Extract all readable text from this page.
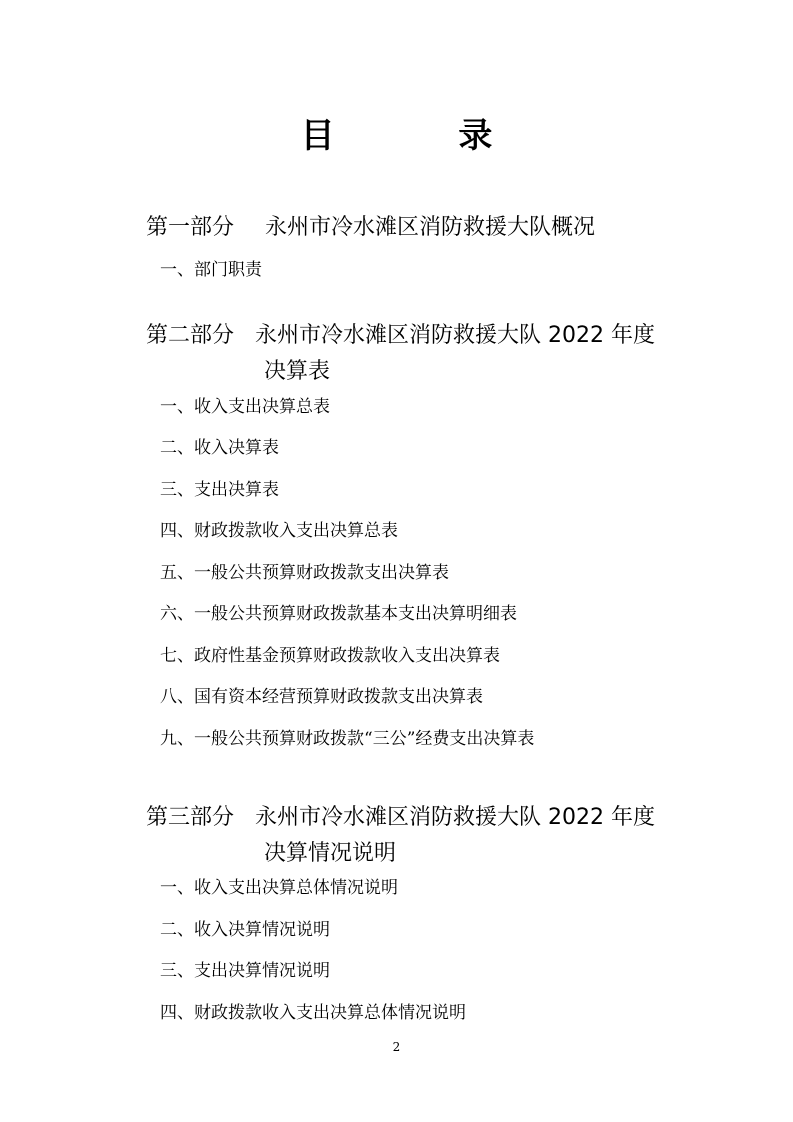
目 录
第一部分 永州市冷水滩区消防救援大队概况
一、部门职责
第二部分 永州市冷水滩区消防救援大队 2022 年度
决算表
一、收入支出决算总表
二、收入决算表
三、支出决算表
四、财政拨款收入支出决算总表
五、一般公共预算财政拨款支出决算表
六、一般公共预算财政拨款基本支出决算明细表
七、政府性基金预算财政拨款收入支出决算表
八、国有资本经营预算财政拨款支出决算表
九、一般公共预算财政拨款“三公”经费支出决算表
第三部分 永州市冷水滩区消防救援大队 2022 年度
决算情况说明
一、收入支出决算总体情况说明
二、收入决算情况说明
三、支出决算情况说明
四、财政拨款收入支出决算总体情况说明
2
